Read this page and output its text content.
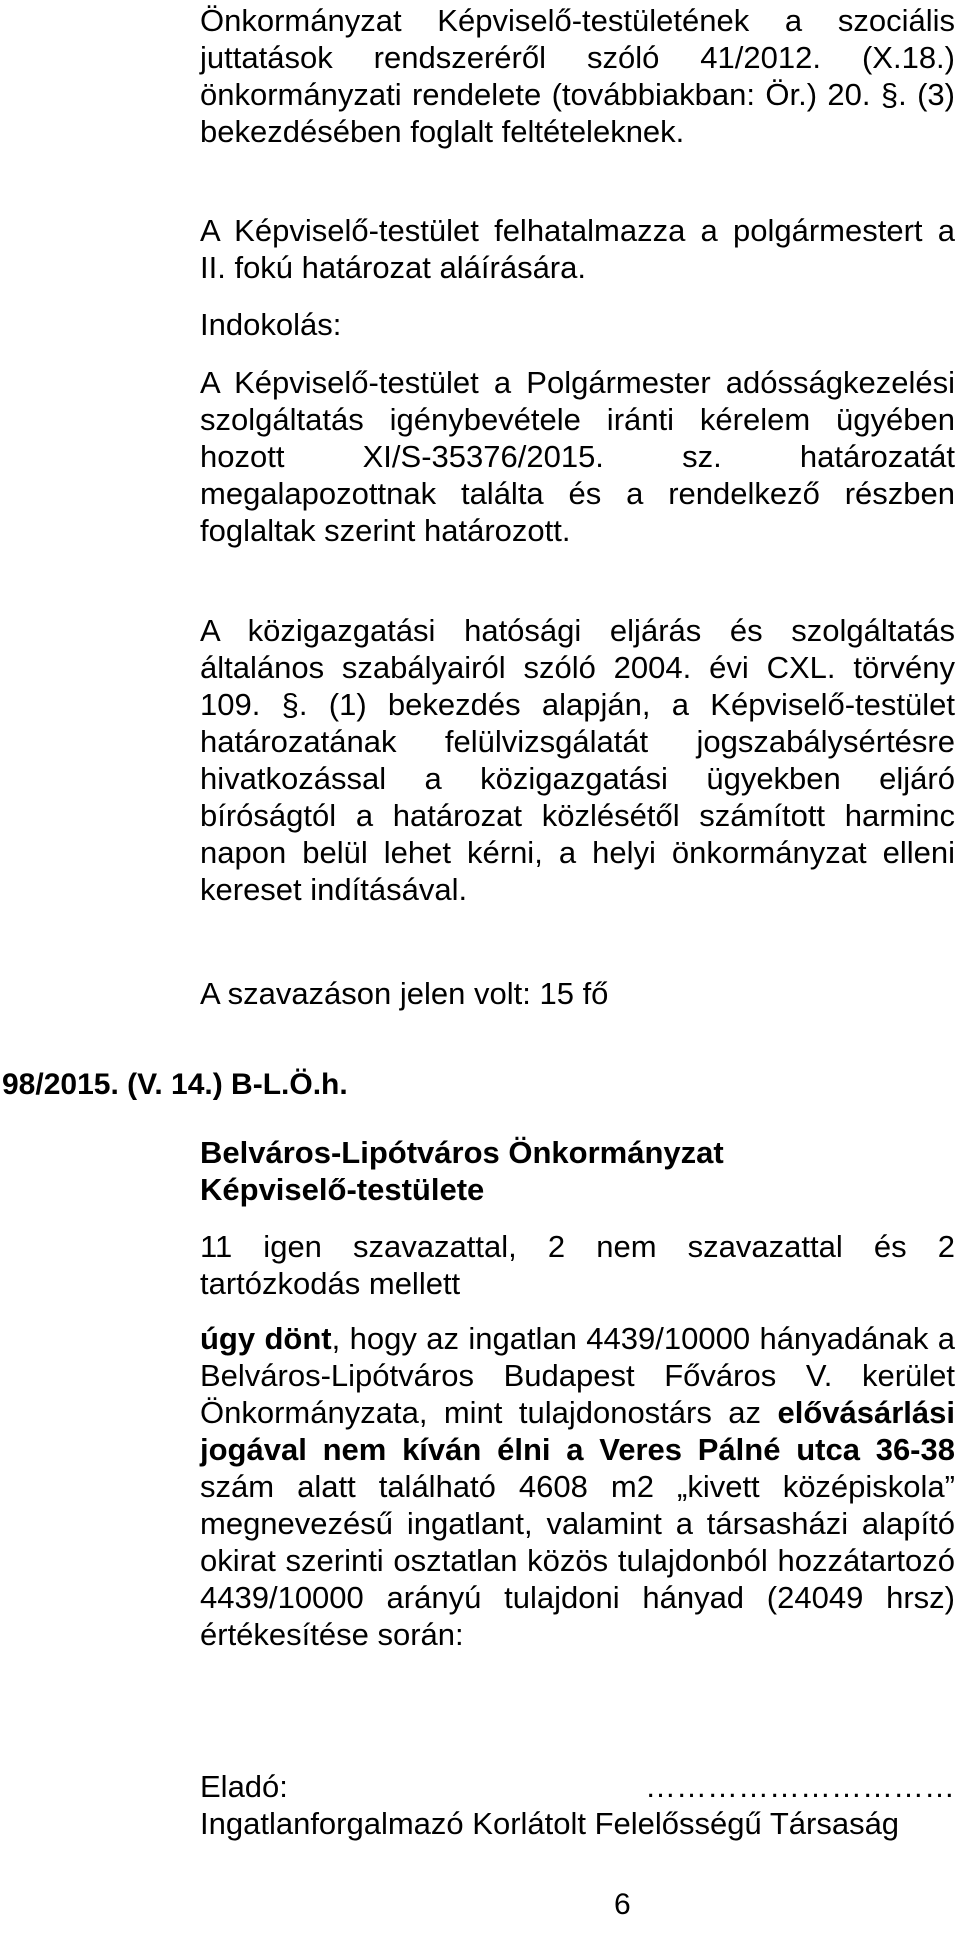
Önkormányzat Képviselő-testületének a szociális juttatások rendszeréről szóló 41/2012. (X.18.) önkormányzati rendelete (továbbiakban: Ör.) 20. §. (3) bekezdésében foglalt feltételeknek.

A Képviselő-testület felhatalmazza a polgármestert a II. fokú határozat aláírására.

Indokolás:

A Képviselő-testület a Polgármester adósságkezelési szolgáltatás igénybevétele iránti kérelem ügyében hozott XI/S-35376/2015. sz. határozatát megalapozottnak találta és a rendelkező részben foglaltak szerint határozott.

A közigazgatási hatósági eljárás és szolgáltatás általános szabályairól szóló 2004. évi CXL. törvény 109. §. (1) bekezdés alapján, a Képviselő-testület határozatának felülvizsgálatát jogszabálysértésre hivatkozással a közigazgatási ügyekben eljáró bíróságtól a határozat közlésétől számított harminc napon belül lehet kérni, a helyi önkormányzat elleni kereset indításával.

A szavazáson jelen volt: 15 fő

98/2015. (V. 14.) B-L.Ö.h.
Belváros-Lipótváros Önkormányzat
Képviselő-testülete

11 igen szavazattal, 2 nem szavazattal és 2 tartózkodás mellett

úgy dönt, hogy az ingatlan 4439/10000 hányadának a Belváros-Lipótváros Budapest Főváros V. kerület Önkormányzata, mint tulajdonostárs az elővásárlási jogával nem kíván élni a Veres Pálné utca 36-38 szám alatt található 4608 m2 „kivett középiskola” megnevezésű ingatlant, valamint a társasházi alapító okirat szerinti osztatlan közös tulajdonból hozzátartozó 4439/10000 arányú tulajdoni hányad (24049 hrsz) értékesítése során:

Eladó:	…………………………

Ingatlanforgalmazó Korlátolt Felelősségű Társaság

6
